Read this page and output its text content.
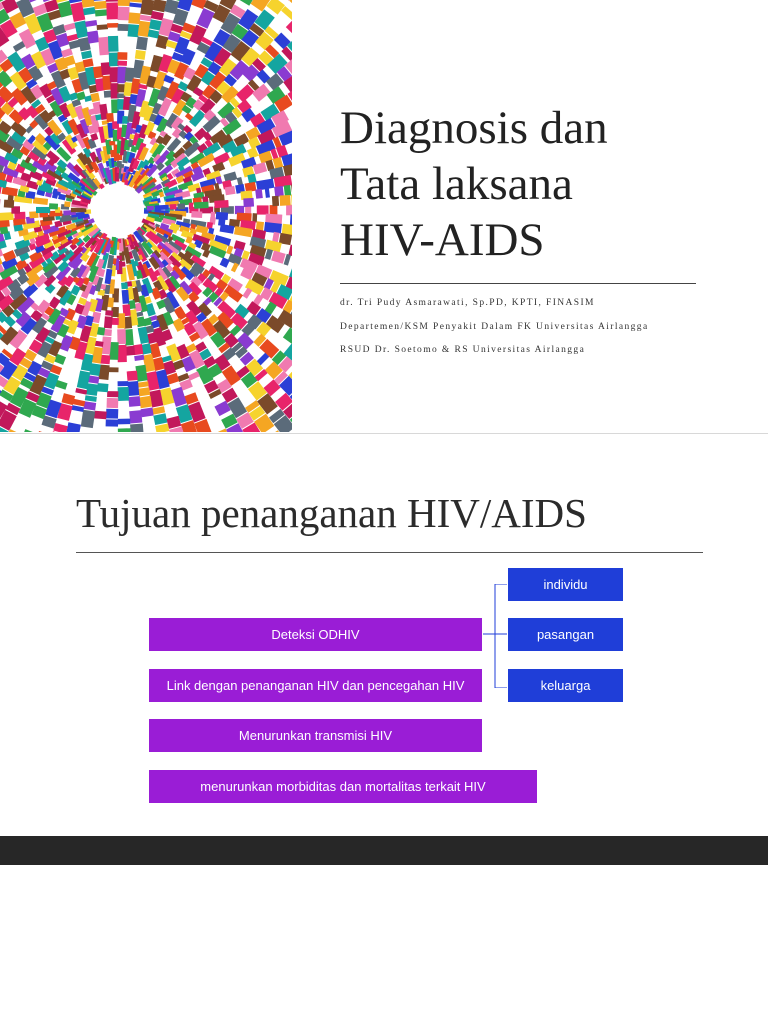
Diagnosis dan
Tata laksana
HIV-AIDS
dr. Tri Pudy Asmarawati, Sp.PD, KPTI, FINASIM
Departemen/KSM Penyakit Dalam FK Universitas Airlangga
RSUD Dr. Soetomo & RS Universitas Airlangga
Tujuan penanganan HIV/AIDS
Deteksi ODHIV
Link dengan penanganan HIV dan pencegahan HIV
Menurunkan transmisi HIV
menurunkan morbiditas dan mortalitas terkait HIV
individu
pasangan
keluarga
